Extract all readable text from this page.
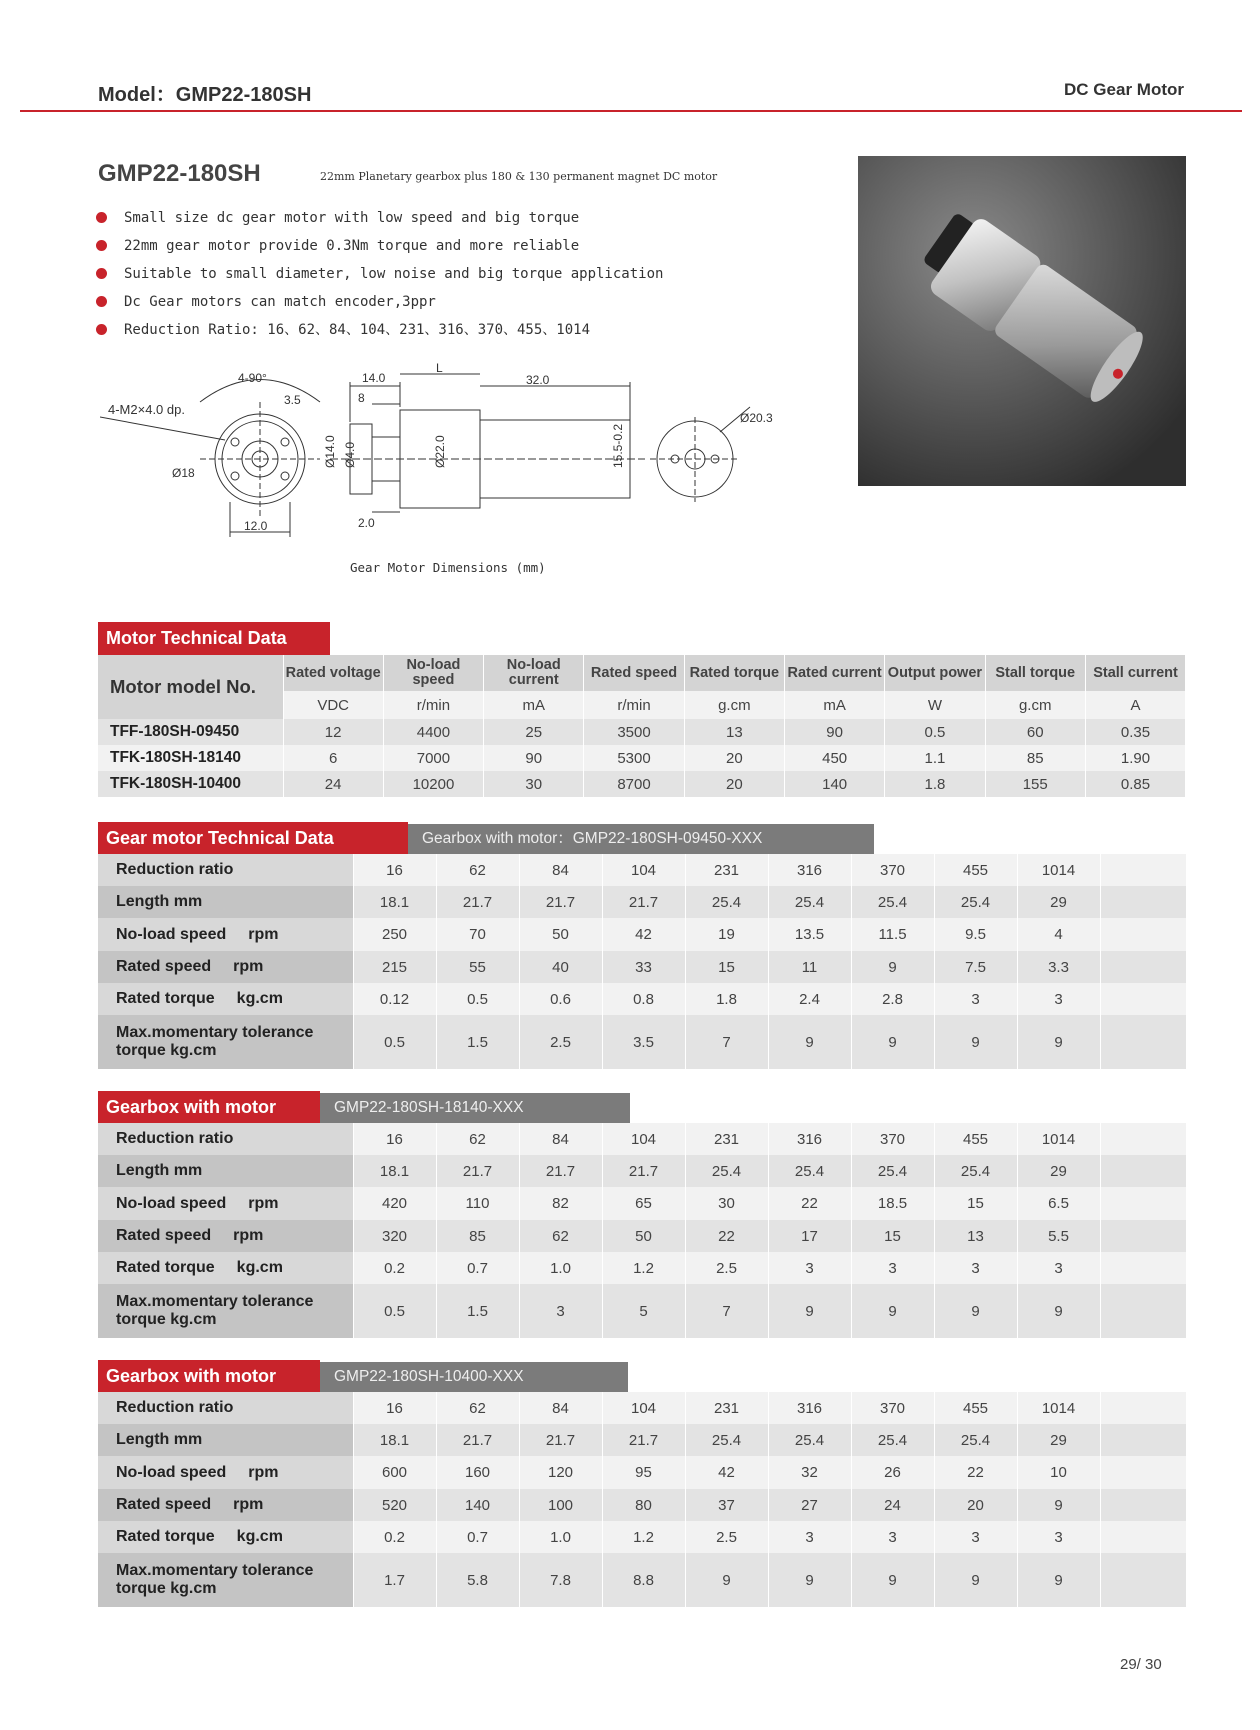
Model：GMP22-180SH	DC Gear Motor
GMP22-180SH	22mm Planetary gearbox plus 180 & 130 permanent magnet DC motor
Small size dc gear motor with low speed and big torque
22mm gear motor provide 0.3Nm torque and more reliable
Suitable to small diameter, low noise and big torque application
Dc Gear motors can match encoder,3ppr
Reduction Ratio: 16、62、84、104、231、316、370、455、1014
4-90°
4-M2×4.0 dp.
Ø18
12.0
3.5
14.0
8
L
32.0
Ø14.0 Ø4.0	Ø22.0
2.0
15.5-0.2
Ø20.3
Gear Motor Dimensions (mm)
Motor Technical Data
Motor model No.	Rated voltage	No-load speed	No-load current	Rated speed	Rated torque	Rated current	Output power	Stall torque	Stall current
	VDC	r/min	mA	r/min	g.cm	mA	W	g.cm	A
TFF-180SH-09450	12	4400	25	3500	13	90	0.5	60	0.35
TFK-180SH-18140	6	7000	90	5300	20	450	1.1	85	1.90
TFK-180SH-10400	24	10200	30	8700	20	140	1.8	155	0.85
Gear motor Technical Data	Gearbox with motor：GMP22-180SH-09450-XXX
Reduction ratio	16	62	84	104	231	316	370	455	1014	
Length mm	18.1	21.7	21.7	21.7	25.4	25.4	25.4	25.4	29	
No-load speed rpm	250	70	50	42	19	13.5	11.5	9.5	4	
Rated speed rpm	215	55	40	33	15	11	9	7.5	3.3	
Rated torque kg.cm	0.12	0.5	0.6	0.8	1.8	2.4	2.8	3	3	
Max.momentary tolerance torque kg.cm	0.5	1.5	2.5	3.5	7	9	9	9	9	
Gearbox with motor	GMP22-180SH-18140-XXX
Reduction ratio	16	62	84	104	231	316	370	455	1014	
Length mm	18.1	21.7	21.7	21.7	25.4	25.4	25.4	25.4	29	
No-load speed rpm	420	110	82	65	30	22	18.5	15	6.5	
Rated speed rpm	320	85	62	50	22	17	15	13	5.5	
Rated torque kg.cm	0.2	0.7	1.0	1.2	2.5	3	3	3	3	
Max.momentary tolerance torque kg.cm	0.5	1.5	3	5	7	9	9	9	9	
Gearbox with motor	GMP22-180SH-10400-XXX
Reduction ratio	16	62	84	104	231	316	370	455	1014	
Length mm	18.1	21.7	21.7	21.7	25.4	25.4	25.4	25.4	29	
No-load speed rpm	600	160	120	95	42	32	26	22	10	
Rated speed rpm	520	140	100	80	37	27	24	20	9	
Rated torque kg.cm	0.2	0.7	1.0	1.2	2.5	3	3	3	3	
Max.momentary tolerance torque kg.cm	1.7	5.8	7.8	8.8	9	9	9	9	9	
29/ 30
